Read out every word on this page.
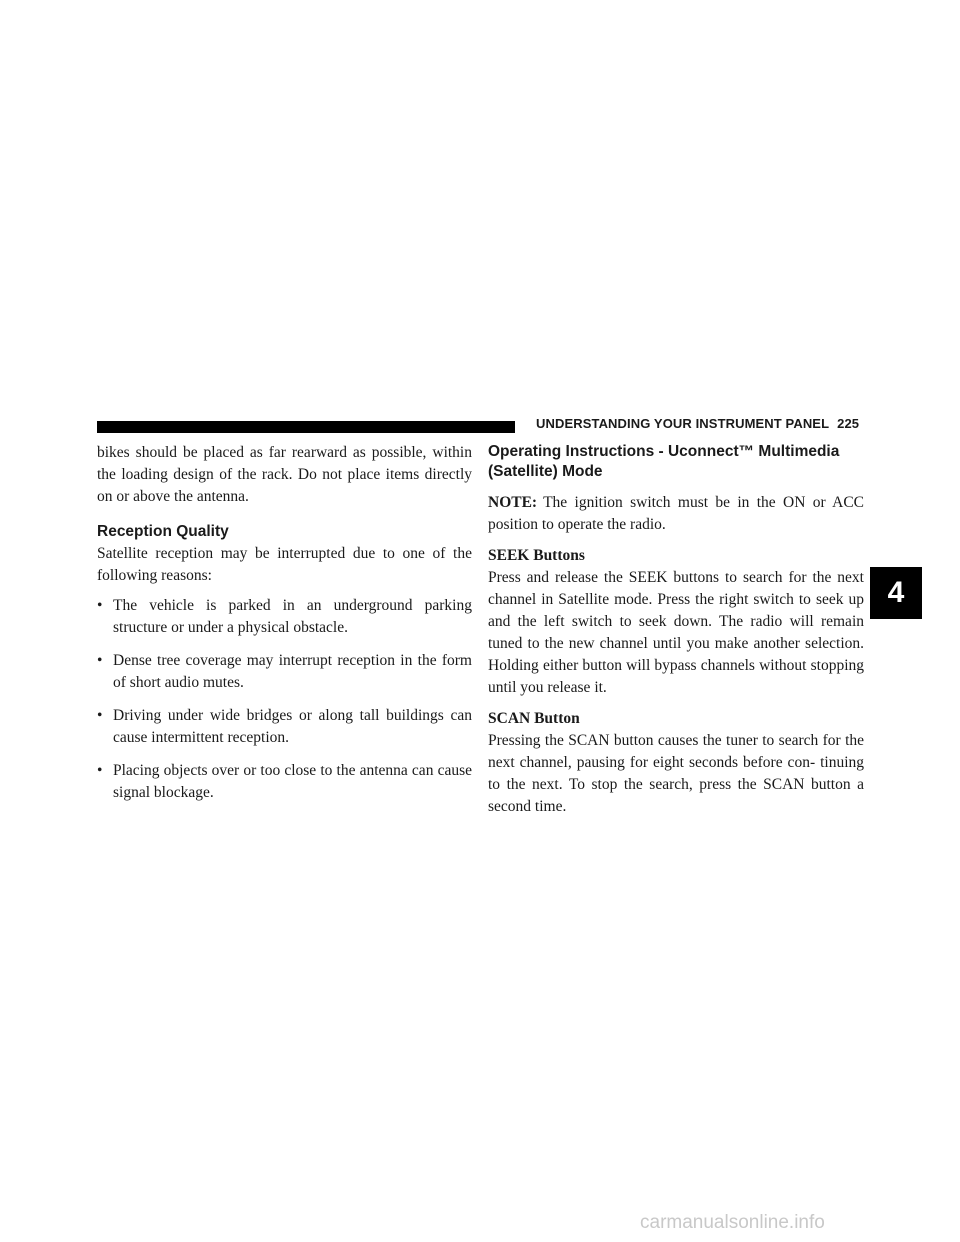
UNDERSTANDING YOUR INSTRUMENT PANEL 225

bikes should be placed as far rearward as possible, within the loading design of the rack. Do not place items directly on or above the antenna.

Reception Quality

Satellite reception may be interrupted due to one of the following reasons:

• The vehicle is parked in an underground parking structure or under a physical obstacle.
• Dense tree coverage may interrupt reception in the form of short audio mutes.
• Driving under wide bridges or along tall buildings can cause intermittent reception.
• Placing objects over or too close to the antenna can cause signal blockage.
Operating Instructions - Uconnect™ Multimedia (Satellite) Mode

NOTE: The ignition switch must be in the ON or ACC position to operate the radio.

SEEK Buttons

Press and release the SEEK buttons to search for the next channel in Satellite mode. Press the right switch to seek up and the left switch to seek down. The radio will remain tuned to the new channel until you make another selection. Holding either button will bypass channels without stopping until you release it.

SCAN Button

Pressing the SCAN button causes the tuner to search for the next channel, pausing for eight seconds before con- tinuing to the next. To stop the search, press the SCAN button a second time.

4
carmanualsonline.info
